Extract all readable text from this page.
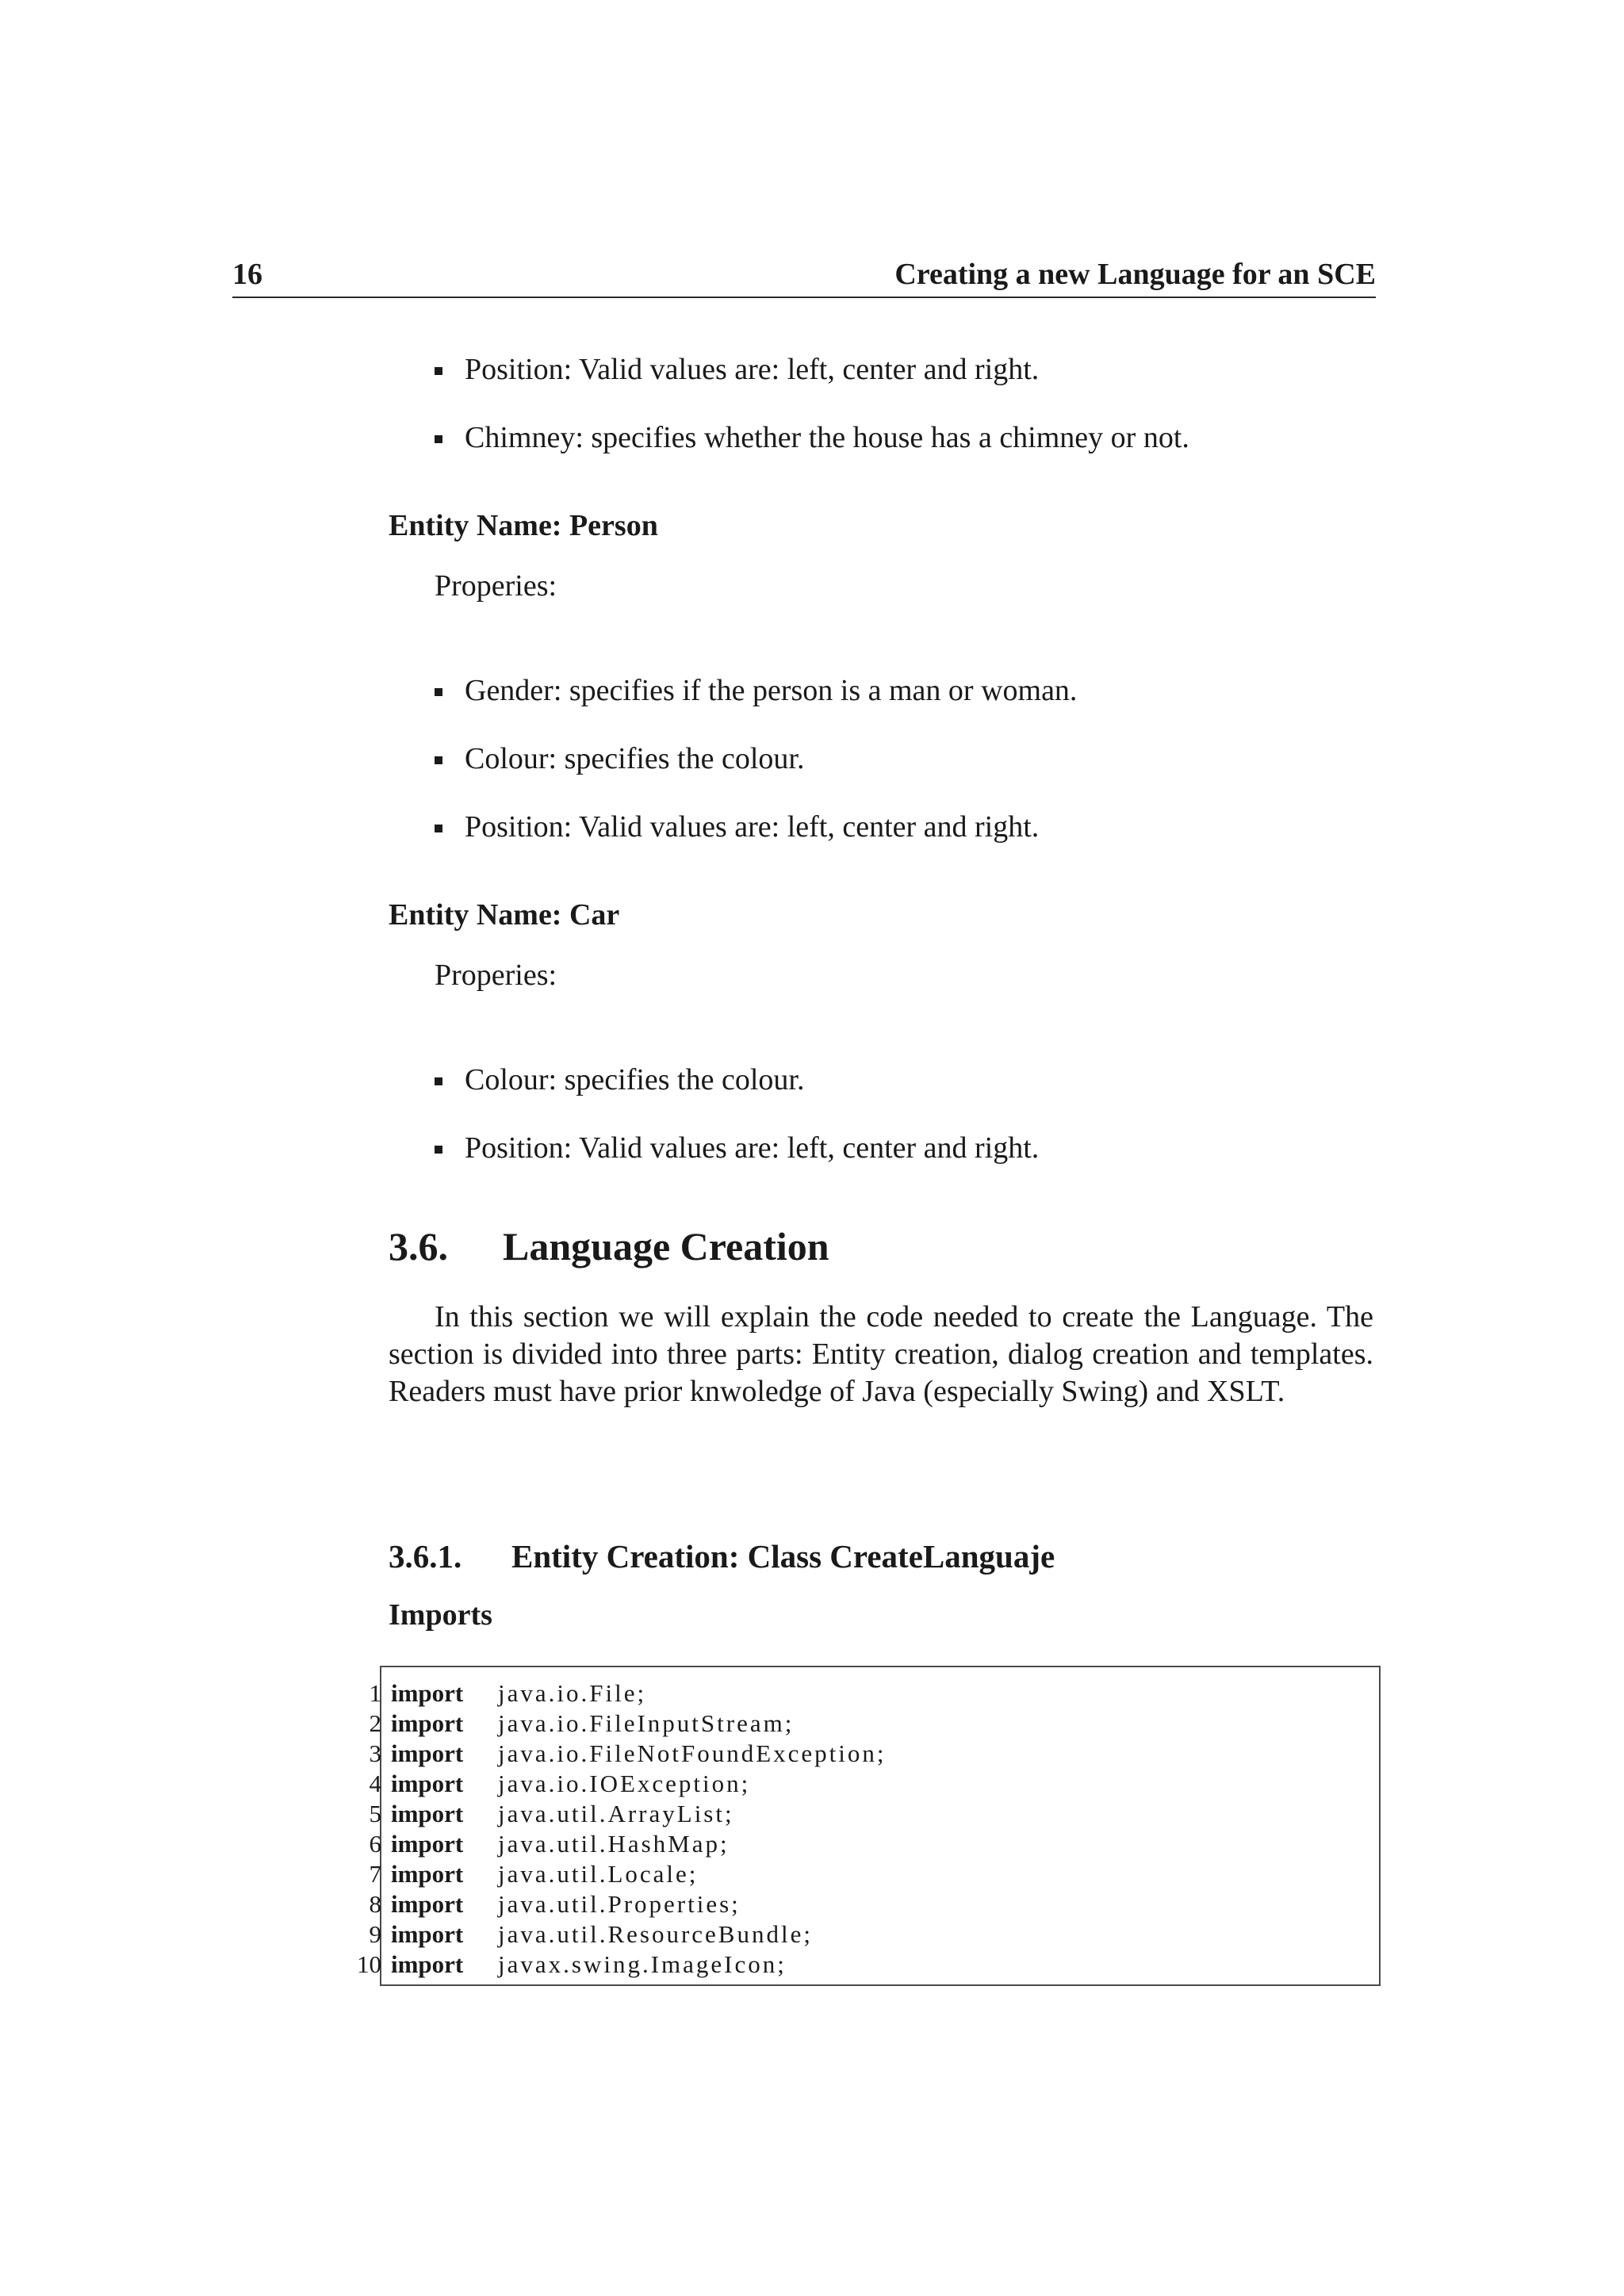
16	Creating a new Language for an SCE
Position: Valid values are: left, center and right.
Chimney: specifies whether the house has a chimney or not.
Entity Name: Person
Properies:
Gender: specifies if the person is a man or woman.
Colour: specifies the colour.
Position: Valid values are: left, center and right.
Entity Name: Car
Properies:
Colour: specifies the colour.
Position: Valid values are: left, center and right.
3.6. Language Creation

In this section we will explain the code needed to create the Language. The section is divided into three parts: Entity creation, dialog creation and templates. Readers must have prior knwoledge of Java (especially Swing) and XSLT.

3.6.1. Entity Creation: Class CreateLanguaje
Imports
1 import java.io.File;
2 import java.io.FileInputStream;
3 import java.io.FileNotFoundException;
4 import java.io.IOException;
5 import java.util.ArrayList;
6 import java.util.HashMap;
7 import java.util.Locale;
8 import java.util.Properties;
9 import java.util.ResourceBundle;
10 import javax.swing.ImageIcon;
